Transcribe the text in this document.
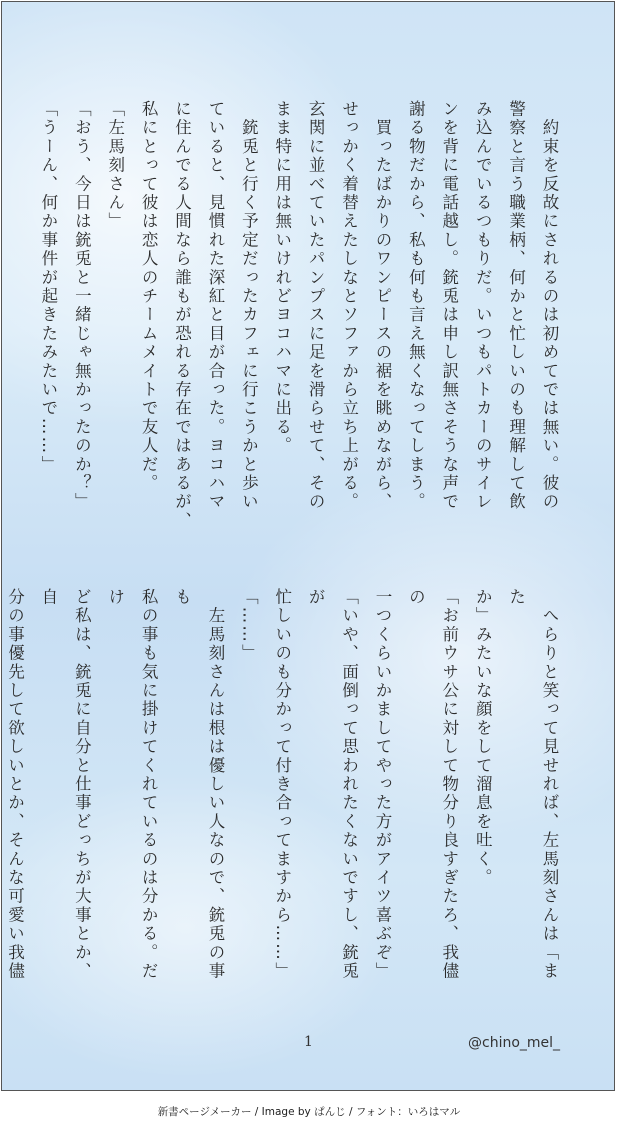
　約束を反故にされるのは初めてでは無い。彼の
警察と言う職業柄、何かと忙しいのも理解して飲
み込んでいるつもりだ。いつもパトカーのサイレ
ンを背に電話越し。銃兎は申し訳無さそうな声で
謝る物だから、私も何も言え無くなってしまう。
　買ったばかりのワンピースの裾を眺めながら、
せっかく着替えたしなとソファから立ち上がる。
玄関に並べていたパンプスに足を滑らせて、その
まま特に用は無いけれどヨコハマに出る。
　銃兎と行く予定だったカフェに行こうかと歩い
ていると、見慣れた深紅と目が合った。ヨコハマ
に住んでる人間なら誰もが恐れる存在ではあるが、
私にとって彼は恋人のチームメイトで友人だ。
「左馬刻さん」
「おう、今日は銃兎と一緒じゃ無かったのか？」
「うーん、何か事件が起きたみたいで……」
　へらりと笑って見せれば、左馬刻さんは「また
か」みたいな顔をして溜息を吐く。
「お前ウサ公に対して物分り良すぎたろ、我儘の
一つくらいかましてやった方がアイツ喜ぶぞ」
「いや、面倒って思われたくないですし、銃兎が
忙しいのも分かって付き合ってますから……」
「……」
　左馬刻さんは根は優しい人なので、銃兎の事も
私の事も気に掛けてくれているのは分かる。だけ
ど私は、銃兎に自分と仕事どっちが大事とか、自
分の事優先して欲しいとか、そんな可愛い我儘

1	@chino_mel_
新書ページメーカー / Image by ぱんじ / フォント：いろはマル
